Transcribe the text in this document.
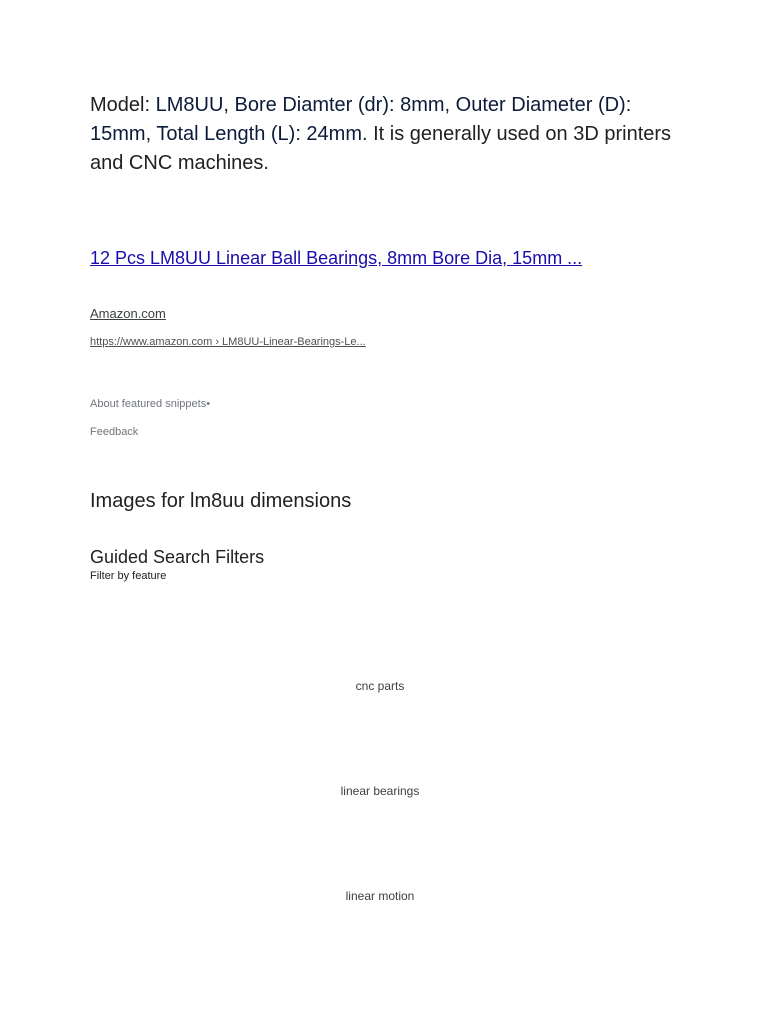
Model: LM8UU, Bore Diamter (dr): 8mm, Outer Diameter (D): 15mm, Total Length (L): 24mm. It is generally used on 3D printers and CNC machines.

12 Pcs LM8UU Linear Ball Bearings, 8mm Bore Dia, 15mm ...
Amazon.com
https://www.amazon.com › LM8UU-Linear-Bearings-Le...
About featured snippets•
Feedback
Images for lm8uu dimensions
Guided Search Filters
Filter by feature
cnc parts
linear bearings
linear motion
